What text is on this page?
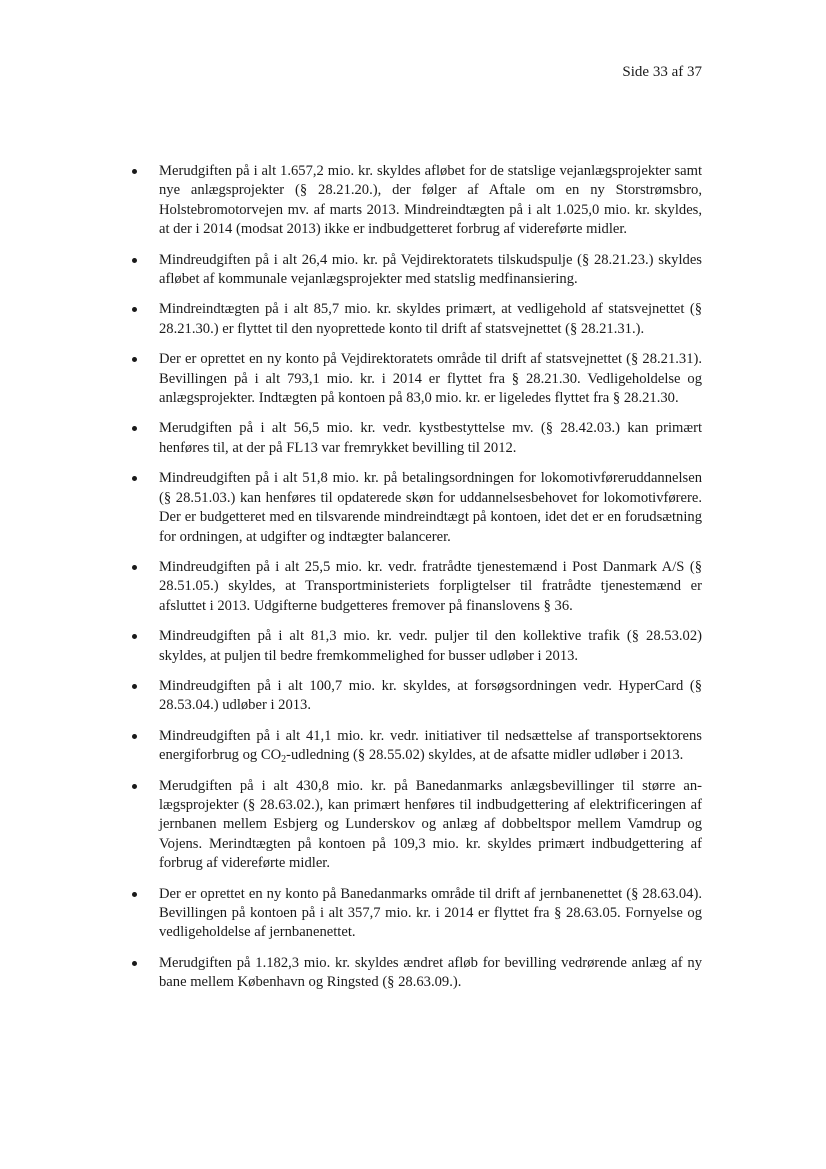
Side 33 af 37
Merudgiften på i alt 1.657,2 mio. kr. skyldes afløbet for de statslige vejanlægsprojekter samt nye anlægsprojekter (§ 28.21.20.), der følger af Aftale om en ny Storstrømsbro, Holstebromotorvejen mv. af marts 2013. Mindreindtægten på i alt 1.025,0 mio. kr. skyldes, at der i 2014 (modsat 2013) ikke er indbudgetteret forbrug af videreførte midler.
Mindreudgiften på i alt 26,4 mio. kr. på Vejdirektoratets tilskudspulje (§ 28.21.23.) skyldes afløbet af kommunale vejanlægsprojekter med statslig medfinansiering.
Mindreindtægten på i alt 85,7 mio. kr. skyldes primært, at vedligehold af statsvejnettet (§ 28.21.30.) er flyttet til den nyoprettede konto til drift af statsvejnettet (§ 28.21.31.).
Der er oprettet en ny konto på Vejdirektoratets område til drift af statsvejnettet (§ 28.21.31). Bevillingen på i alt 793,1 mio. kr. i 2014 er flyttet fra § 28.21.30. Vedligeholdelse og anlægsprojekter. Indtægten på kontoen på 83,0 mio. kr. er ligeledes flyttet fra § 28.21.30.
Merudgiften på i alt 56,5 mio. kr. vedr. kystbestyttelse mv. (§ 28.42.03.) kan primært henføres til, at der på FL13 var fremrykket bevilling til 2012.
Mindreudgiften på i alt 51,8 mio. kr. på betalingsordningen for lokomotivføreruddannelsen (§ 28.51.03.) kan henføres til opdaterede skøn for uddannelsesbehovet for lokomotivførere. Der er budgetteret med en tilsvarende mindreindtægt på kontoen, idet det er en forudsætning for ordningen, at udgifter og indtægter balancerer.
Mindreudgiften på i alt 25,5 mio. kr. vedr. fratrådte tjenestemænd i Post Danmark A/S (§ 28.51.05.) skyldes, at Transportministeriets forpligtelser til fratrådte tjenestemænd er afsluttet i 2013. Udgifterne budgetteres fremover på finanslovens § 36.
Mindreudgiften på i alt 81,3 mio. kr. vedr. puljer til den kollektive trafik (§ 28.53.02) skyldes, at puljen til bedre fremkommelighed for busser udløber i 2013.
Mindreudgiften på i alt 100,7 mio. kr. skyldes, at forsøgsordningen vedr. HyperCard (§ 28.53.04.) udløber i 2013.
Mindreudgiften på i alt 41,1 mio. kr. vedr. initiativer til nedsættelse af transportsektorens energiforbrug og $CO_2$-udledning (§ 28.55.02) skyldes, at de afsatte midler udløber i 2013.
Merudgiften på i alt 430,8 mio. kr. på Banedanmarks anlægsbevillinger til større anlægsprojekter (§ 28.63.02.), kan primært henføres til indbudgettering af elektrificeringen af jernbanen mellem Esbjerg og Lunderskov og anlæg af dobbeltspor mellem Vamdrup og Vojens. Merindtægten på kontoen på 109,3 mio. kr. skyldes primært indbudgettering af forbrug af videreførte midler.
Der er oprettet en ny konto på Banedanmarks område til drift af jernbanenettet (§ 28.63.04). Bevillingen på kontoen på i alt 357,7 mio. kr. i 2014 er flyttet fra § 28.63.05. Fornyelse og vedligeholdelse af jernbanenettet.
Merudgiften på 1.182,3 mio. kr. skyldes ændret afløb for bevilling vedrørende anlæg af ny bane mellem København og Ringsted (§ 28.63.09.).
